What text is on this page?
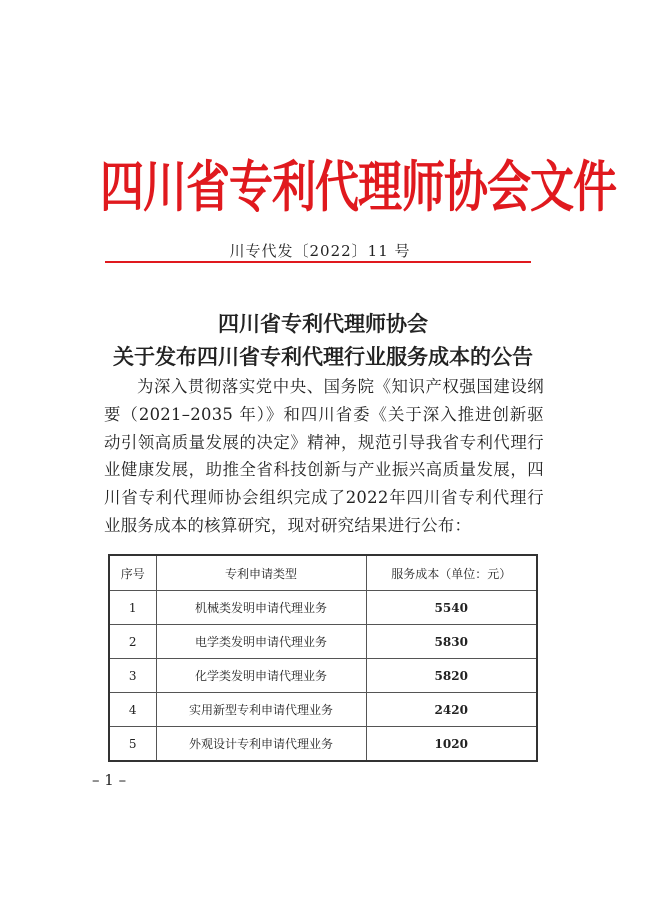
四川省专利代理师协会文件
川专代发〔2022〕11 号
四川省专利代理师协会
关于发布四川省专利代理行业服务成本的公告
为深入贯彻落实党中央、国务院《知识产权强国建设纲要（2021–2035 年）》和四川省委《关于深入推进创新驱动引领高质量发展的决定》精神，规范引导我省专利代理行业健康发展，助推全省科技创新与产业振兴高质量发展，四川省专利代理师协会组织完成了2022年四川省专利代理行业服务成本的核算研究，现对研究结果进行公布：
序号	专利申请类型	服务成本（单位：元）
1	机械类发明申请代理业务	5540
2	电学类发明申请代理业务	5830
3	化学类发明申请代理业务	5820
4	实用新型专利申请代理业务	2420
5	外观设计专利申请代理业务	1020
– 1 –
